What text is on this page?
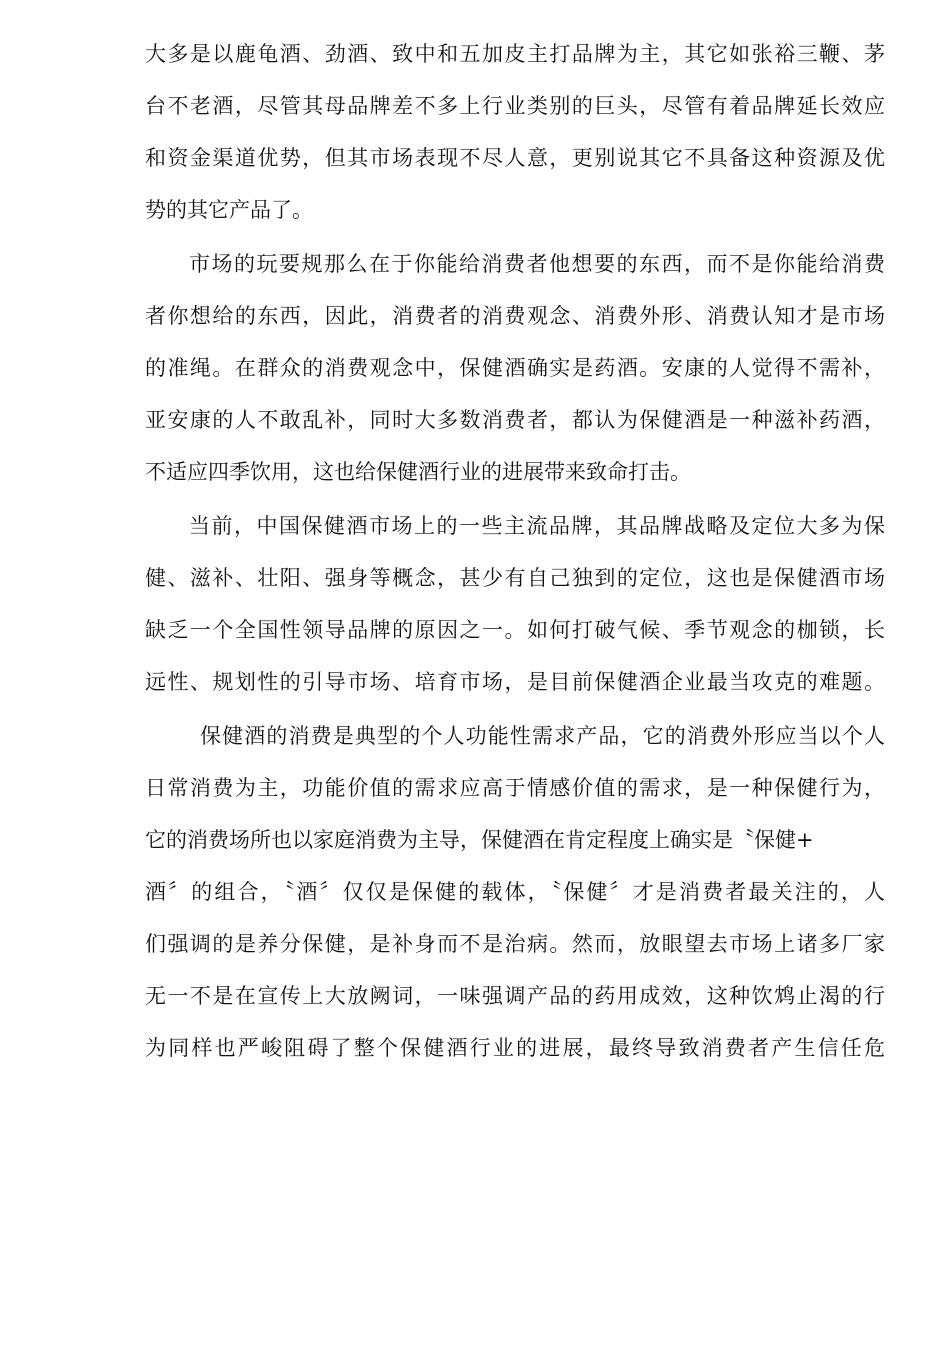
大多是以鹿龟酒、劲酒、致中和五加皮主打品牌为主，其它如张裕三鞭、茅
台不老酒，尽管其母品牌差不多上行业类别的巨头，尽管有着品牌延长效应
和资金渠道优势，但其市场表现不尽人意，更别说其它不具备这种资源及优
势的其它产品了。
市场的玩要规那么在于你能给消费者他想要的东西，而不是你能给消费
者你想给的东西，因此，消费者的消费观念、消费外形、消费认知才是市场
的准绳。在群众的消费观念中，保健酒确实是药酒。安康的人觉得不需补，
亚安康的人不敢乱补，同时大多数消费者，都认为保健酒是一种滋补药酒，
不适应四季饮用，这也给保健酒行业的进展带来致命打击。
当前，中国保健酒市场上的一些主流品牌，其品牌战略及定位大多为保
健、滋补、壮阳、强身等概念，甚少有自己独到的定位，这也是保健酒市场
缺乏一个全国性领导品牌的原因之一。如何打破气候、季节观念的枷锁，长
远性、规划性的引导市场、培育市场，是目前保健酒企业最当攻克的难题。
保健酒的消费是典型的个人功能性需求产品，它的消费外形应当以个人
日常消费为主，功能价值的需求应高于情感价值的需求，是一种保健行为，
它的消费场所也以家庭消费为主导，保健酒在肯定程度上确实是〝保健+
酒〞的组合，〝酒〞仅仅是保健的载体，〝保健〞才是消费者最关注的，人
们强调的是养分保健，是补身而不是治病。然而，放眼望去市场上诸多厂家
无一不是在宣传上大放阙词，一味强调产品的药用成效，这种饮鸩止渴的行
为同样也严峻阻碍了整个保健酒行业的进展，最终导致消费者产生信任危
